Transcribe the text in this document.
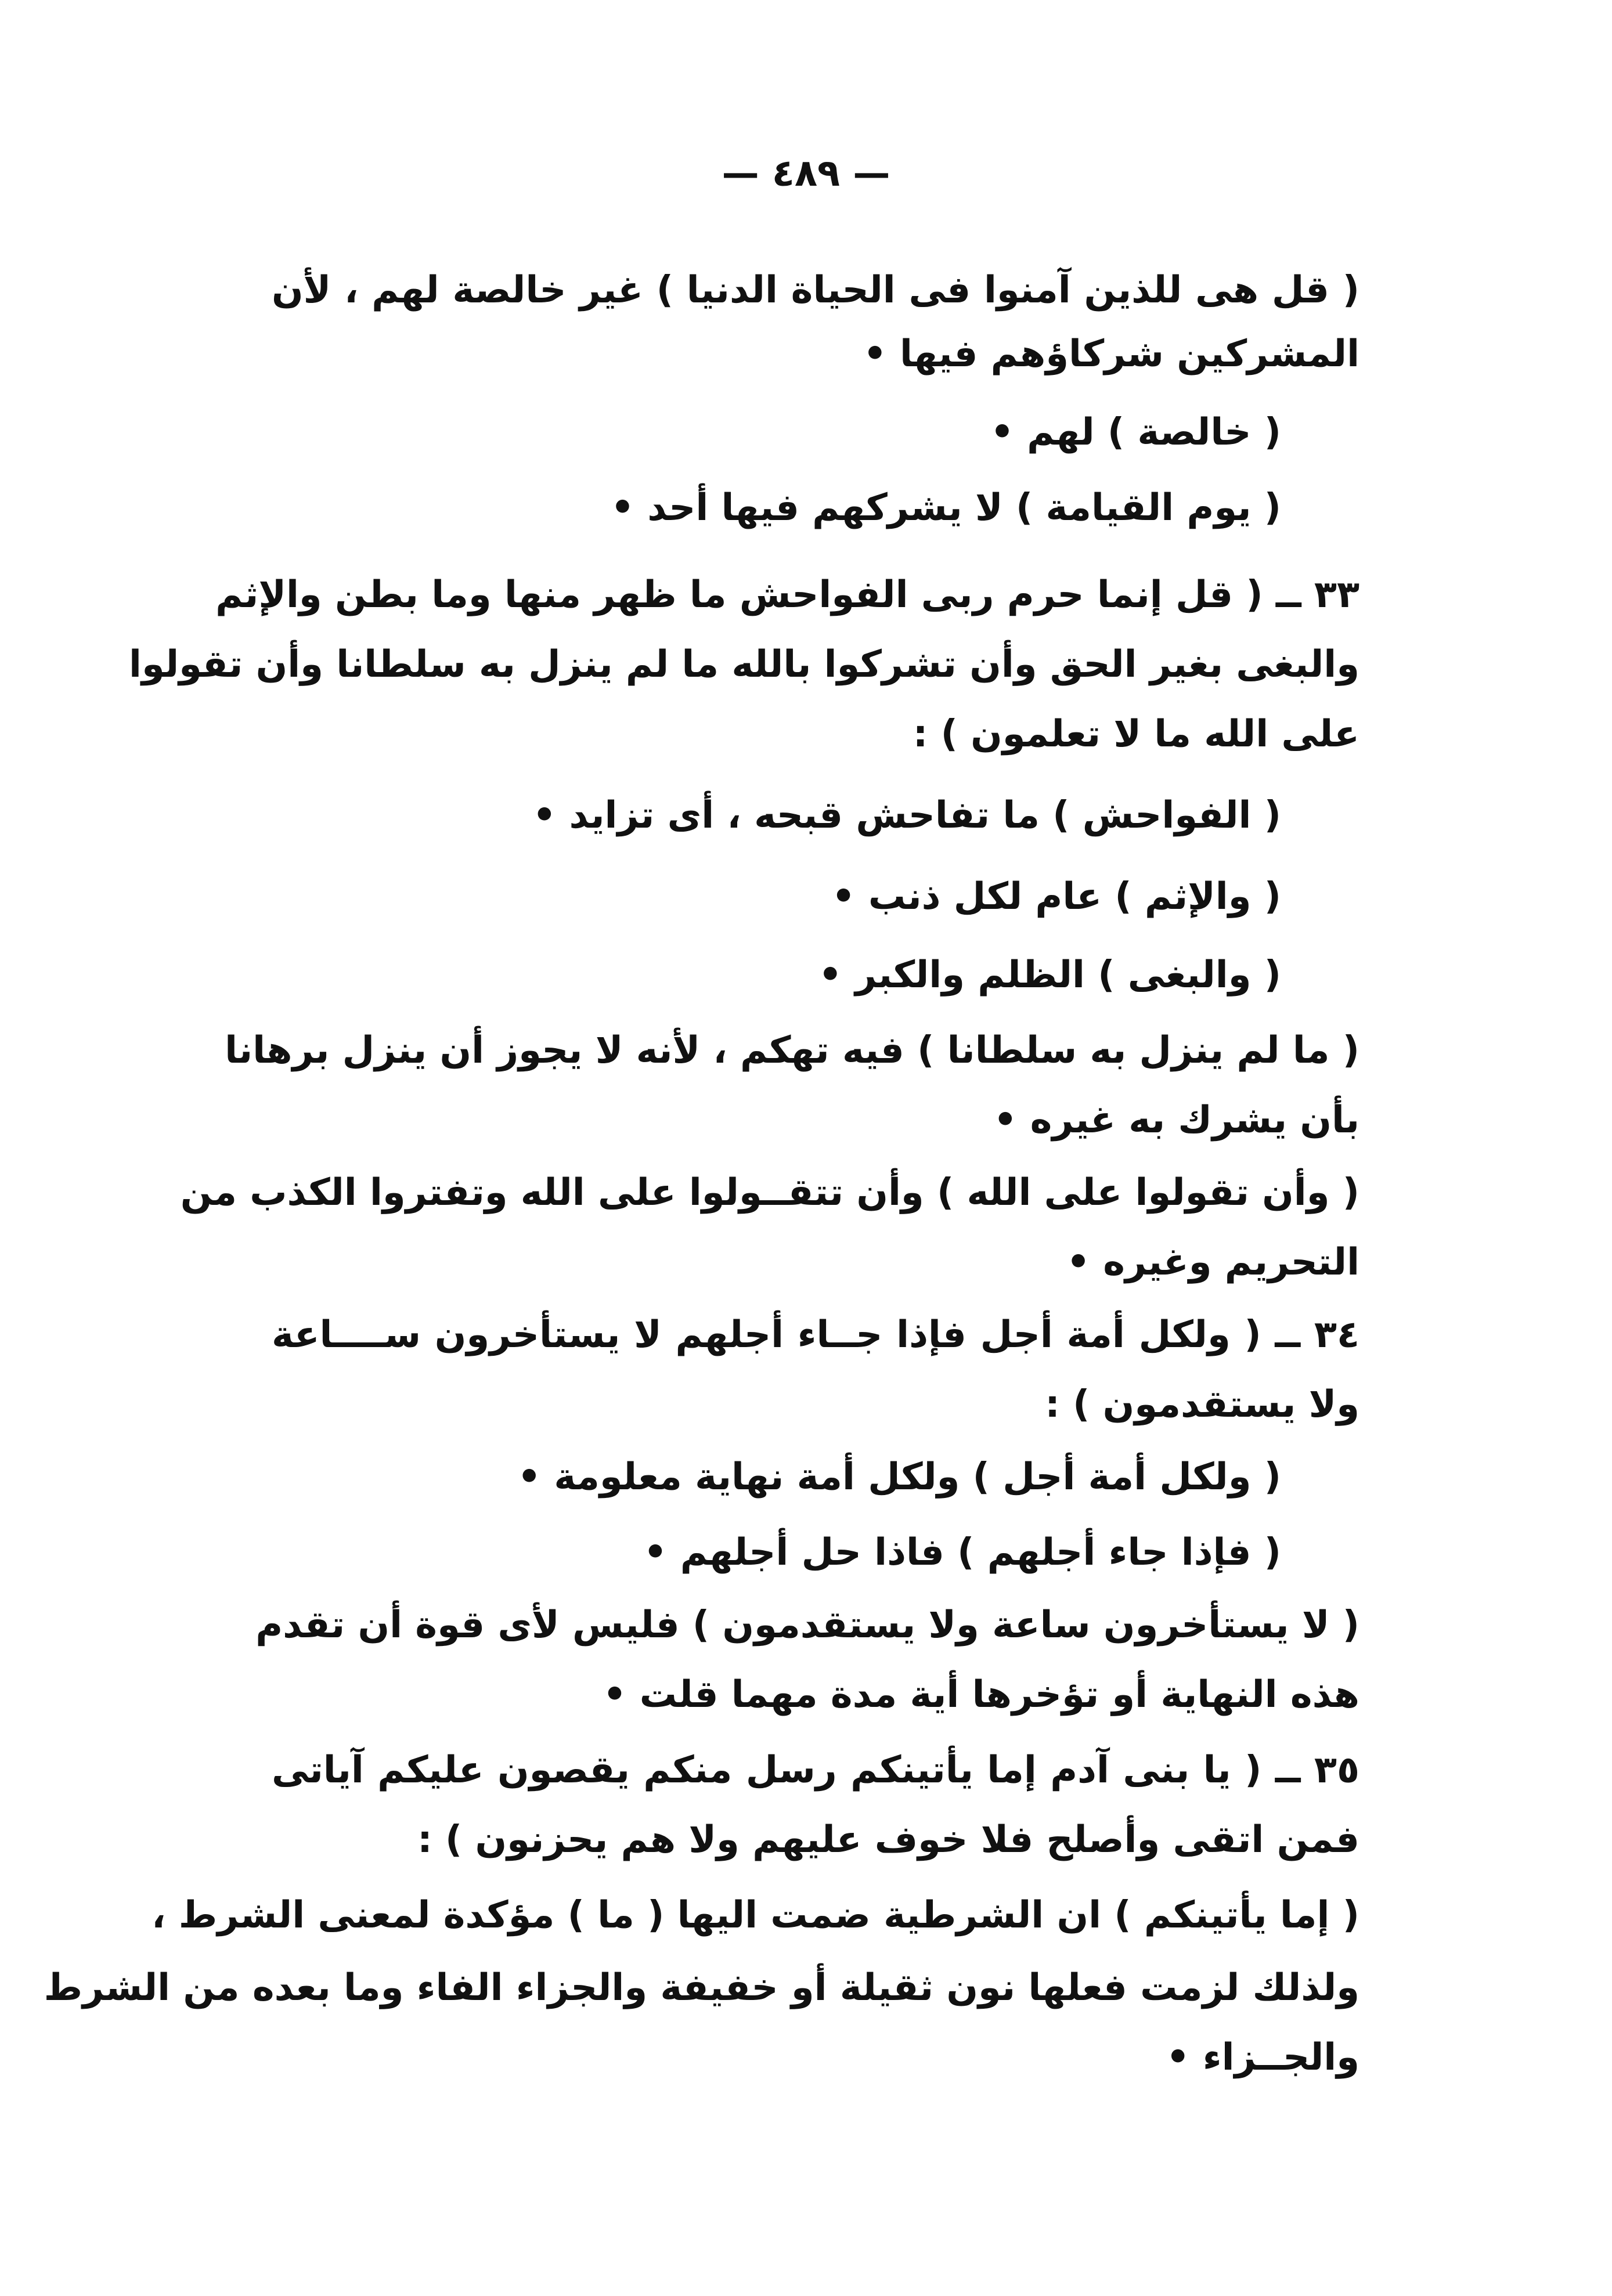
— ٤٨٩ —
( قل هى للذين آمنوا فى الحياة الدنيا ) غير خالصة لهم ، لأن
المشركين شركاؤهم فيها •
( خالصة ) لهم •
( يوم القيامة ) لا يشركهم فيها أحد •
٣٣ ــ ( قل إنما حرم ربى الفواحش ما ظهر منها وما بطن والإثم
والبغى بغير الحق وأن تشركوا بالله ما لم ينزل به سلطانا وأن تقولوا
على الله ما لا تعلمون ) :
( الفواحش ) ما تفاحش قبحه ، أى تزايد •
( والإثم ) عام لكل ذنب •
( والبغى ) الظلم والكبر •
( ما لم ينزل به سلطانا ) فيه تهكم ، لأنه لا يجوز أن ينزل برهانا
بأن يشرك به غيره •
( وأن تقولوا على الله ) وأن تتقــولوا على الله وتفتروا الكذب من
التحريم وغيره •
٣٤ ــ ( ولكل أمة أجل فإذا جــاء أجلهم لا يستأخرون ســــاعة
ولا يستقدمون ) :
( ولكل أمة أجل ) ولكل أمة نهاية معلومة •
( فإذا جاء أجلهم ) فاذا حل أجلهم •
( لا يستأخرون ساعة ولا يستقدمون ) فليس لأى قوة أن تقدم
هذه النهاية أو تؤخرها أية مدة مهما قلت •
٣٥ ــ ( يا بنى آدم إما يأتينكم رسل منكم يقصون عليكم آياتى
فمن اتقى وأصلح فلا خوف عليهم ولا هم يحزنون ) :
( إما يأتينكم ) ان الشرطية ضمت اليها ( ما ) مؤكدة لمعنى الشرط ،
ولذلك لزمت فعلها نون ثقيلة أو خفيفة والجزاء الفاء وما بعده من الشرط
والجــزاء •
